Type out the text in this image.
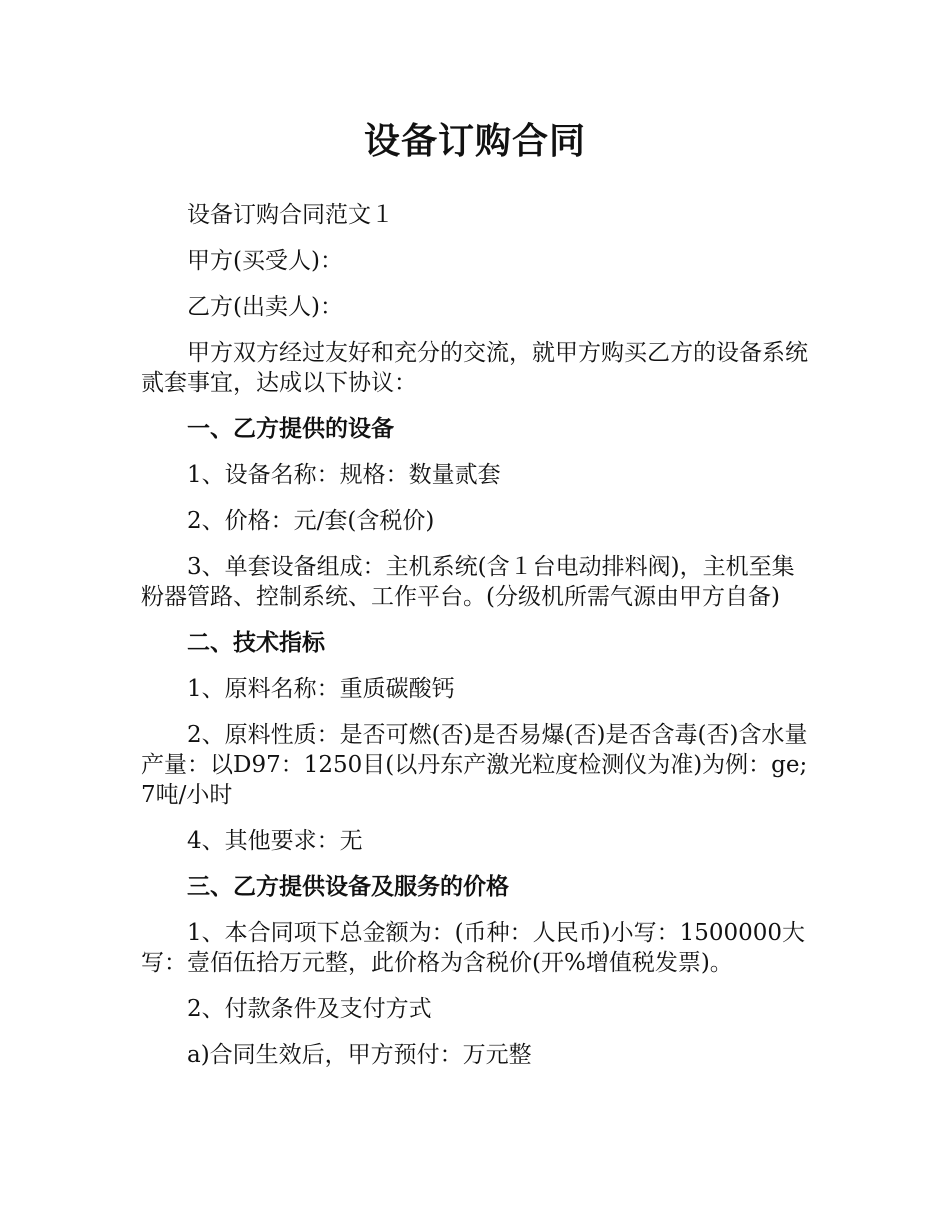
设备订购合同

设备订购合同范文１

甲方(买受人)：

乙方(出卖人)：

甲方双方经过友好和充分的交流，就甲方购买乙方的设备系统贰套事宜，达成以下协议：

一、乙方提供的设备

1、设备名称：规格：数量贰套

2、价格：元/套(含税价)

3、单套设备组成：主机系统(含１台电动排料阀)，主机至集粉器管路、控制系统、工作平台。(分级机所需气源由甲方自备)

二、技术指标

1、原料名称：重质碳酸钙

2、原料性质：是否可燃(否)是否易爆(否)是否含毒(否)含水量产量：以D97：1250目(以丹东产激光粒度检测仪为准)为例：ge;7吨/小时

4、其他要求：无

三、乙方提供设备及服务的价格

1、本合同项下总金额为：(币种：人民币)小写：1500000大写：壹佰伍拾万元整，此价格为含税价(开%增值税发票)。

2、付款条件及支付方式

a)合同生效后，甲方预付：万元整
